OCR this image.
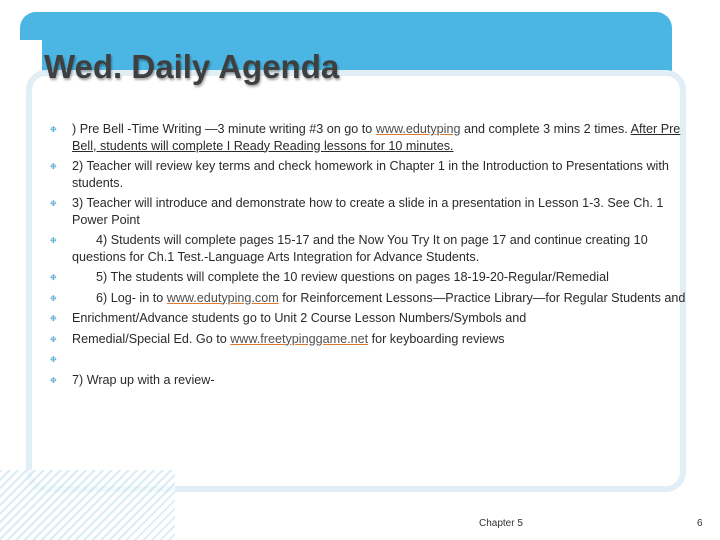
Wed. Daily Agenda
❉
) Pre Bell -Time Writing —3 minute writing #3 on go to www.edutyping and complete 3 mins 2 times. After Pre Bell, students will complete I Ready Reading lessons for 10 minutes.
❉
2) Teacher will review key terms and check homework in Chapter 1 in the Introduction to Presentations with students.
❉
3) Teacher will introduce and demonstrate how to create a slide in a presentation in Lesson 1-3. See Ch. 1 Power Point
❉
4) Students will complete pages 15-17 and the Now You Try It on page 17 and continue creating 10 questions for Ch.1 Test.-Language Arts Integration for Advance Students.
❉
5) The students will complete the 10 review questions on pages 18-19-20-Regular/Remedial
❉
6) Log- in to www.edutyping.com for Reinforcement Lessons—Practice Library—for Regular Students and
❉
Enrichment/Advance students go to Unit 2 Course Lesson Numbers/Symbols and
❉
Remedial/Special Ed. Go to www.freetypinggame.net for keyboarding reviews
❉
❉
7) Wrap up with a review-
Chapter 5	6
